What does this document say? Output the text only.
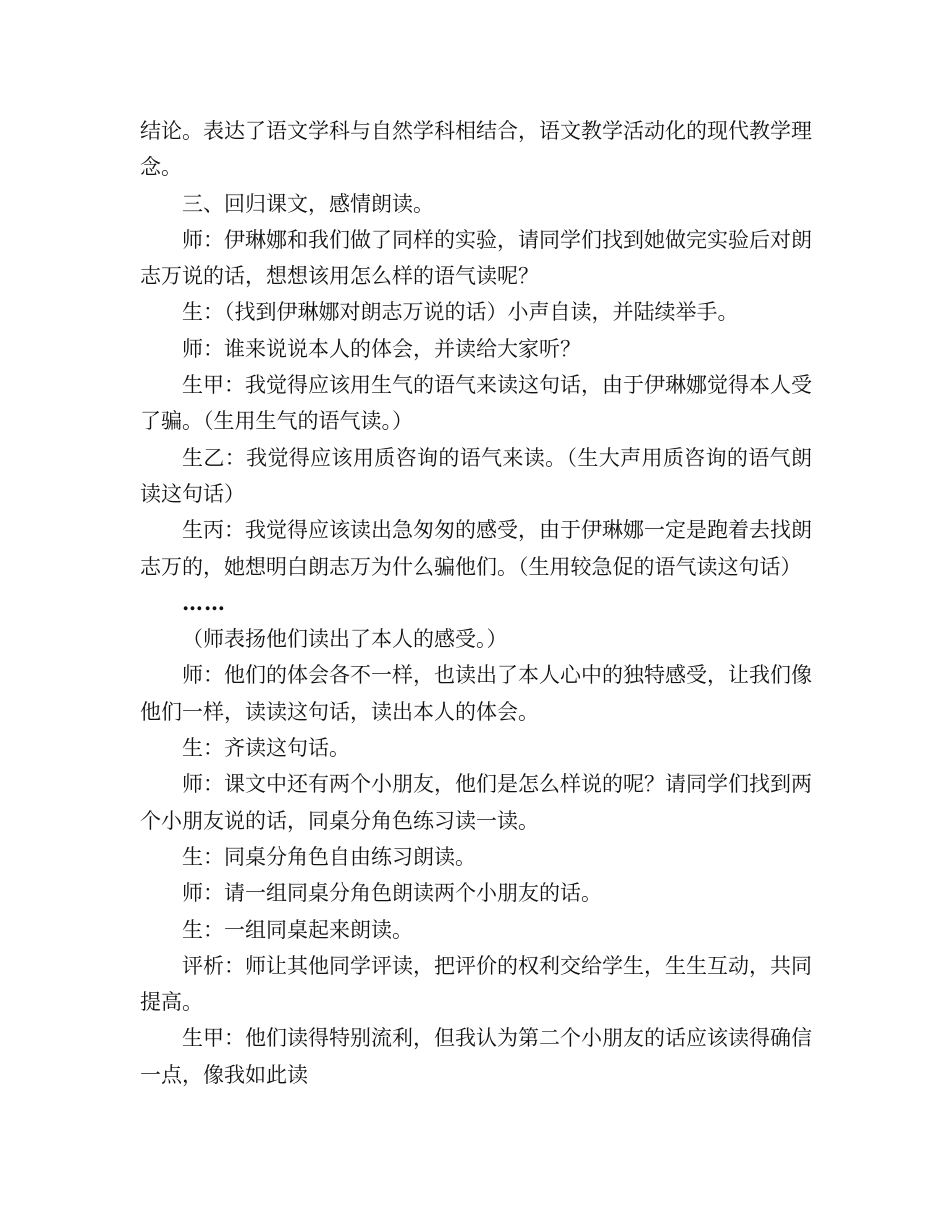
结论。表达了语文学科与自然学科相结合，语文教学活动化的现代教学理念。

三、回归课文，感情朗读。

师：伊琳娜和我们做了同样的实验，请同学们找到她做完实验后对朗志万说的话，想想该用怎么样的语气读呢？

生：（找到伊琳娜对朗志万说的话）小声自读，并陆续举手。

师：谁来说说本人的体会，并读给大家听？

生甲：我觉得应该用生气的语气来读这句话，由于伊琳娜觉得本人受了骗。（生用生气的语气读。）

生乙：我觉得应该用质咨询的语气来读。（生大声用质咨询的语气朗读这句话）

生丙：我觉得应该读出急匆匆的感受，由于伊琳娜一定是跑着去找朗志万的，她想明白朗志万为什么骗他们。（生用较急促的语气读这句话）

……

（师表扬他们读出了本人的感受。）

师：他们的体会各不一样，也读出了本人心中的独特感受，让我们像他们一样，读读这句话，读出本人的体会。

生：齐读这句话。

师：课文中还有两个小朋友，他们是怎么样说的呢？请同学们找到两个小朋友说的话，同桌分角色练习读一读。

生：同桌分角色自由练习朗读。

师：请一组同桌分角色朗读两个小朋友的话。

生：一组同桌起来朗读。

评析：师让其他同学评读，把评价的权利交给学生，生生互动，共同提高。

生甲：他们读得特别流利，但我认为第二个小朋友的话应该读得确信一点，像我如此读
